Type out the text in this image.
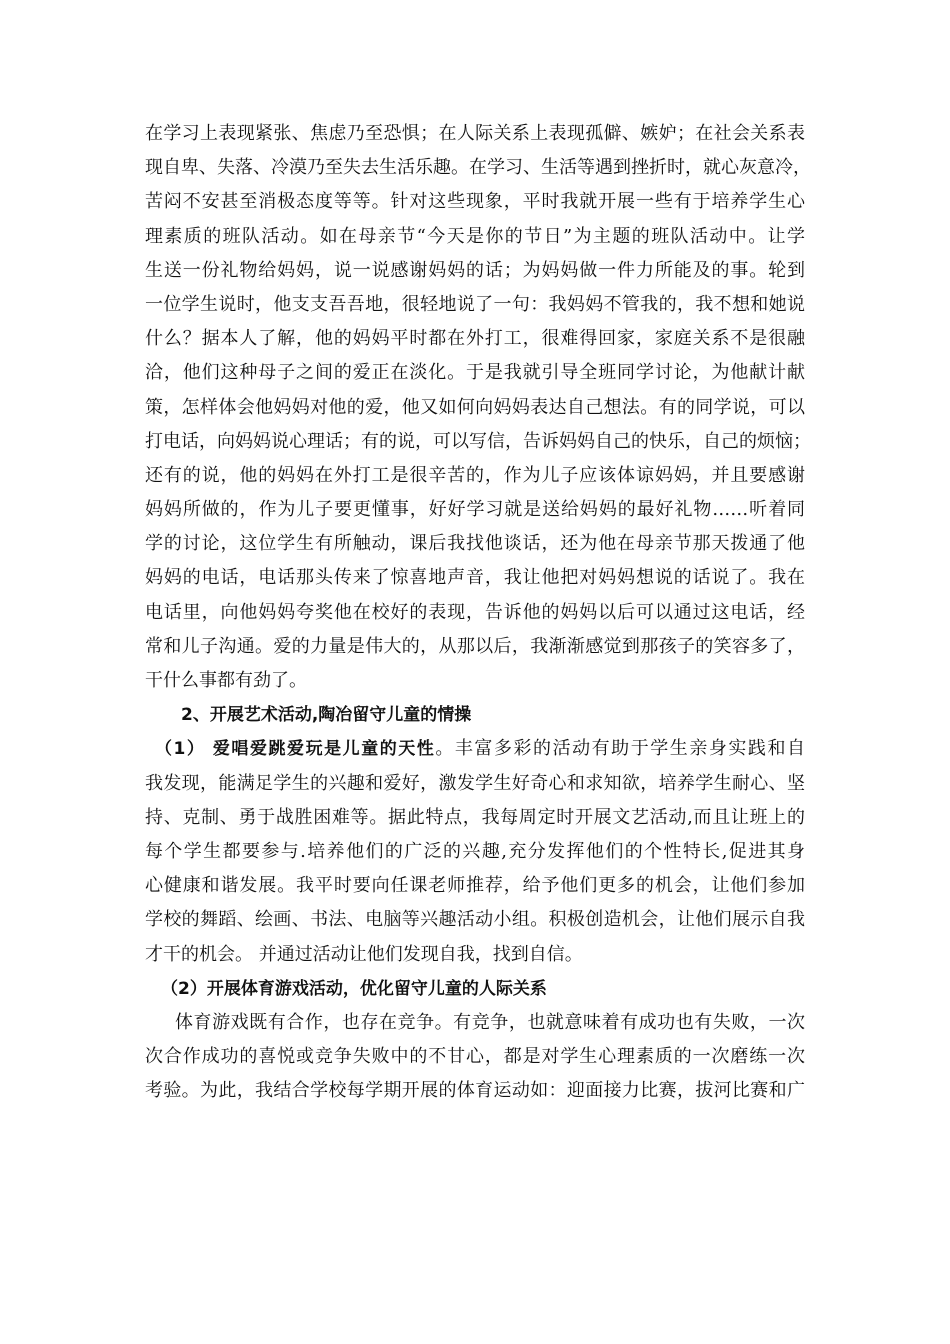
在学习上表现紧张、焦虑乃至恐惧；在人际关系上表现孤僻、嫉妒；在社会关系表
现自卑、失落、冷漠乃至失去生活乐趣。在学习、生活等遇到挫折时，就心灰意冷，
苦闷不安甚至消极态度等等。针对这些现象，平时我就开展一些有于培养学生心
理素质的班队活动。如在母亲节“今天是你的节日”为主题的班队活动中。让学
生送一份礼物给妈妈，说一说感谢妈妈的话；为妈妈做一件力所能及的事。轮到
一位学生说时，他支支吾吾地，很轻地说了一句：我妈妈不管我的，我不想和她说
什么？据本人了解，他的妈妈平时都在外打工，很难得回家，家庭关系不是很融
洽，他们这种母子之间的爱正在淡化。于是我就引导全班同学讨论，为他献计献
策，怎样体会他妈妈对他的爱，他又如何向妈妈表达自己想法。有的同学说，可以
打电话，向妈妈说心理话；有的说，可以写信，告诉妈妈自己的快乐，自己的烦恼；
还有的说，他的妈妈在外打工是很辛苦的，作为儿子应该体谅妈妈，并且要感谢
妈妈所做的，作为儿子要更懂事，好好学习就是送给妈妈的最好礼物……听着同
学的讨论，这位学生有所触动，课后我找他谈话，还为他在母亲节那天拨通了他
妈妈的电话，电话那头传来了惊喜地声音，我让他把对妈妈想说的话说了。我在
电话里，向他妈妈夸奖他在校好的表现，告诉他的妈妈以后可以通过这电话，经
常和儿子沟通。爱的力量是伟大的，从那以后，我渐渐感觉到那孩子的笑容多了，
干什么事都有劲了。
2、开展艺术活动,陶冶留守儿童的情操
（1） 爱唱爱跳爱玩是儿童的天性。丰富多彩的活动有助于学生亲身实践和自
我发现，能满足学生的兴趣和爱好，激发学生好奇心和求知欲，培养学生耐心、坚
持、克制、勇于战胜困难等。据此特点，我每周定时开展文艺活动,而且让班上的
每个学生都要参与.培养他们的广泛的兴趣,充分发挥他们的个性特长,促进其身
心健康和谐发展。我平时要向任课老师推荐，给予他们更多的机会，让他们参加
学校的舞蹈、绘画、书法、电脑等兴趣活动小组。积极创造机会，让他们展示自我
才干的机会。 并通过活动让他们发现自我，找到自信。
（2）开展体育游戏活动，优化留守儿童的人际关系
体育游戏既有合作，也存在竞争。有竞争，也就意味着有成功也有失败，一次
次合作成功的喜悦或竞争失败中的不甘心，都是对学生心理素质的一次磨练一次
考验。为此，我结合学校每学期开展的体育运动如：迎面接力比赛，拔河比赛和广
